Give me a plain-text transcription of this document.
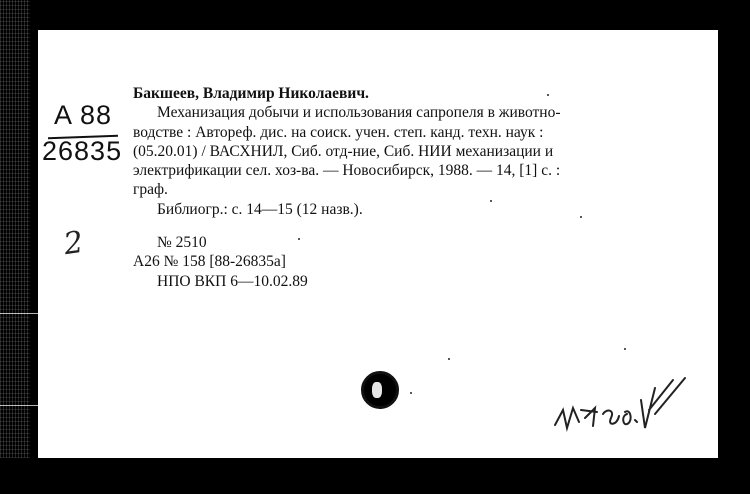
A 88
26835
2

Бакшеев, Владимир Николаевич.

Механизация добычи и использования сапропеля в животно-

водстве : Автореф. дис. на соиск. учен. степ. канд. техн. наук :

(05.20.01) / ВАСХНИЛ, Сиб. отд-ние, Сиб. НИИ механизации и

электрификации сел. хоз-ва. — Новосибирск, 1988. — 14, [1] с. :

граф.

Библиогр.: с. 14—15 (12 назв.).

№ 2510

А26 № 158 [88-26835а]

НПО ВКП 6—10.02.89
